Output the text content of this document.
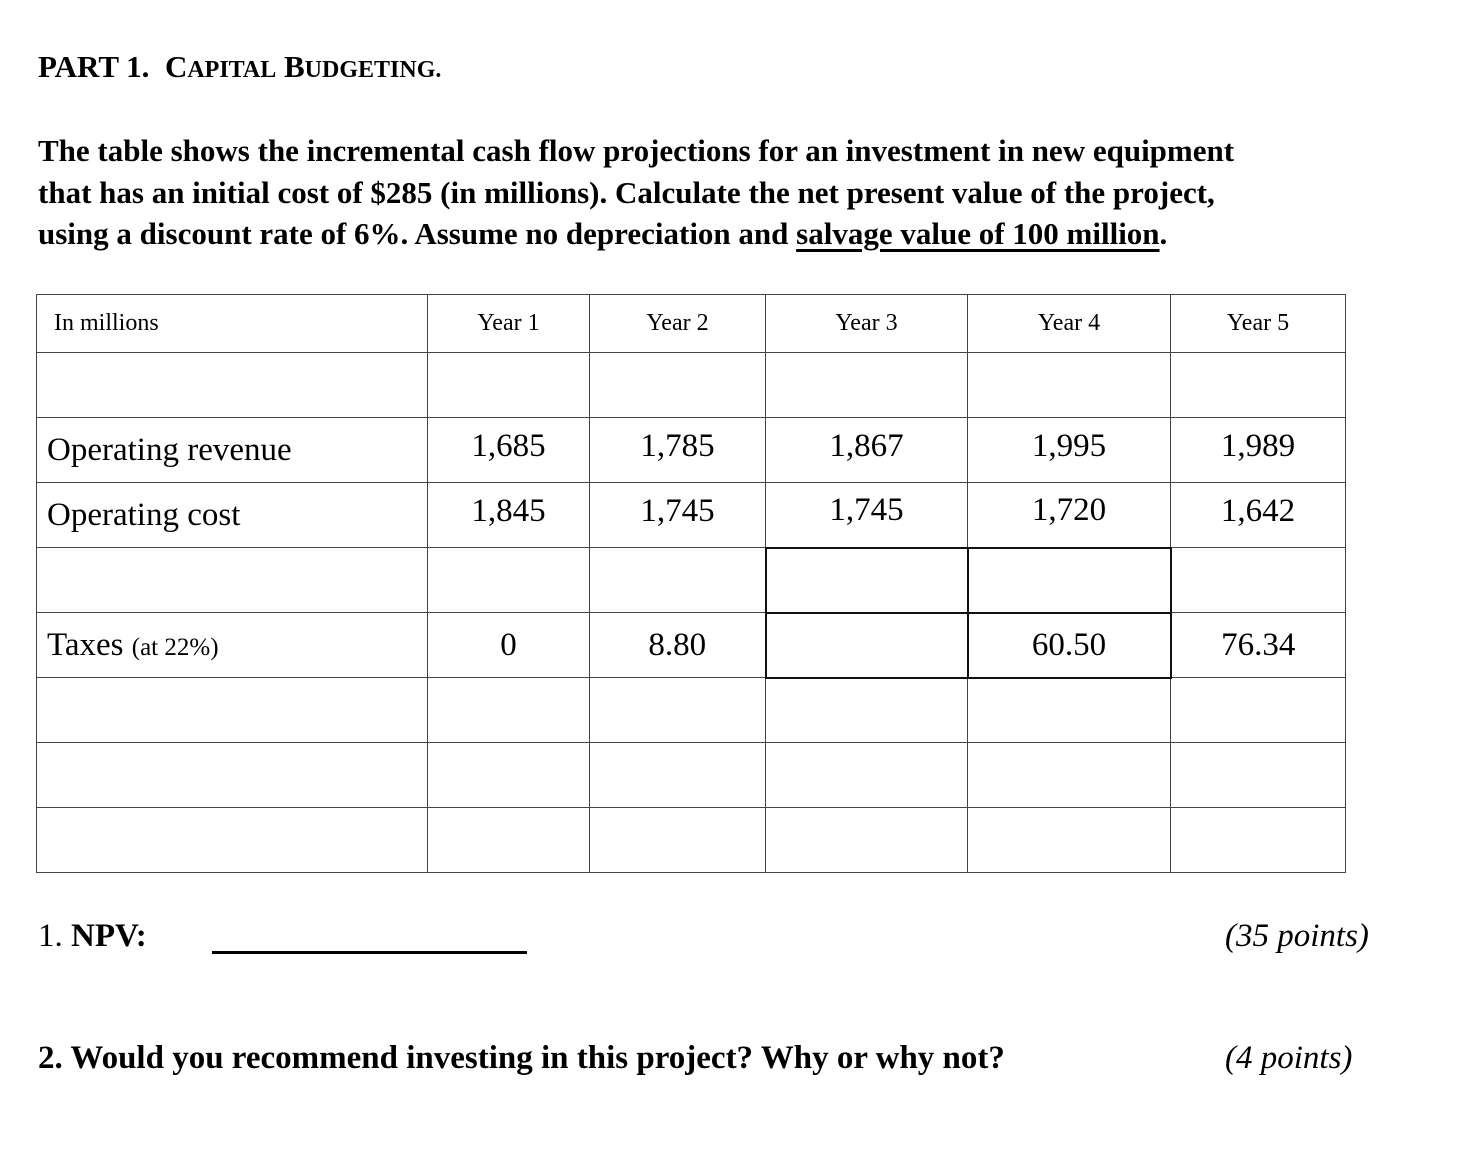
PART 1. CAPITAL BUDGETING.
The table shows the incremental cash flow projections for an investment in new equipment
that has an initial cost of $285 (in millions). Calculate the net present value of the project,
using a discount rate of 6%. Assume no depreciation and salvage value of 100 million.
In millions	Year 1	Year 2	Year 3	Year 4	Year 5

Operating revenue	1,685	1,785	1,867	1,995	1,989
Operating cost	1,845	1,745	1,745	1,720	1,642

Taxes (at 22%)	0	8.80		60.50	76.34

1. NPV:	(35 points)
2. Would you recommend investing in this project? Why or why not?	(4 points)
